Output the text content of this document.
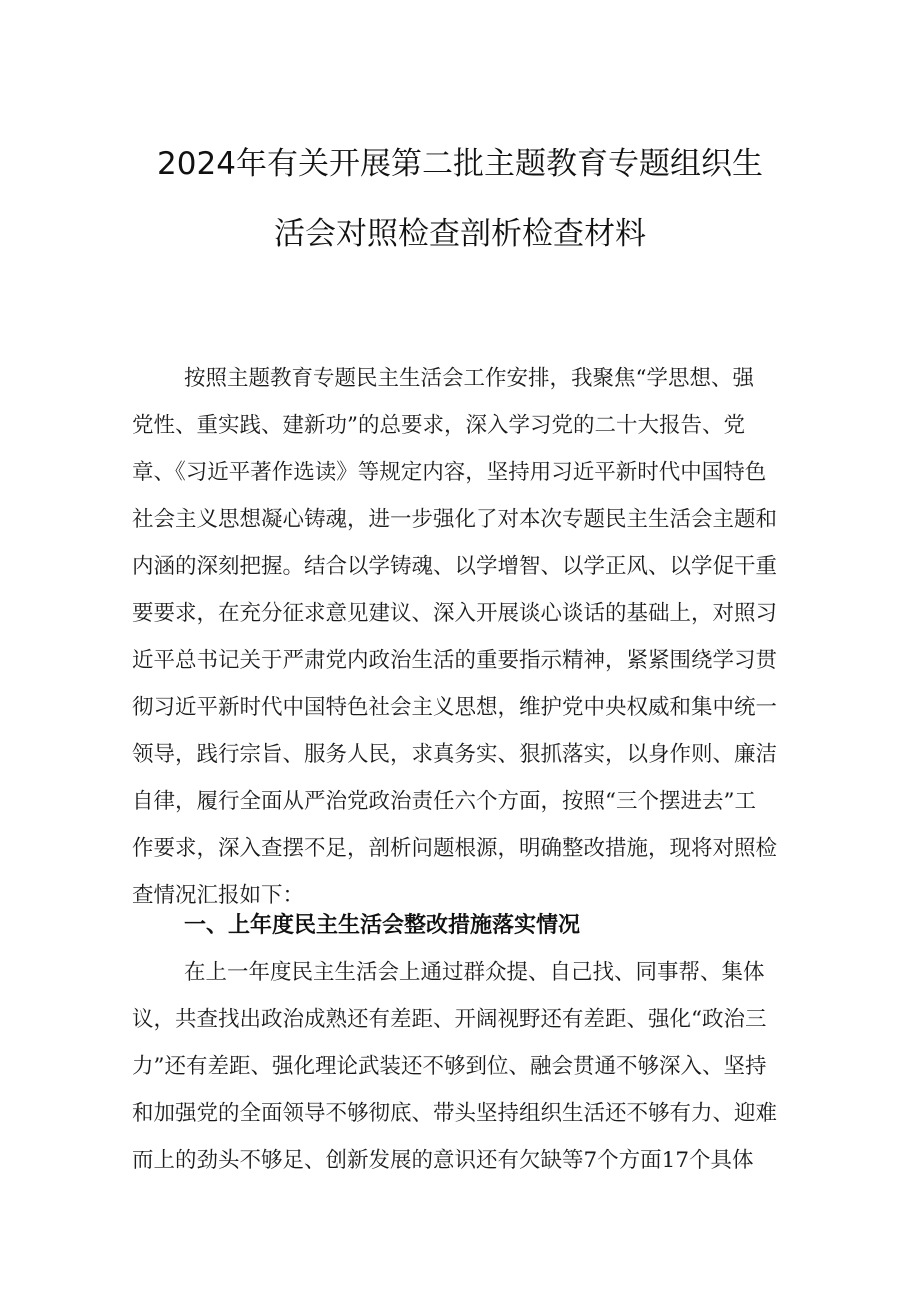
2024年有关开展第二批主题教育专题组织生
活会对照检查剖析检查材料

按照主题教育专题民主生活会工作安排，我聚焦“学思想、强

党性、重实践、建新功”的总要求，深入学习党的二十大报告、党

章、《习近平著作选读》等规定内容，坚持用习近平新时代中国特色

社会主义思想凝心铸魂，进一步强化了对本次专题民主生活会主题和

内涵的深刻把握。结合以学铸魂、以学增智、以学正风、以学促干重

要要求，在充分征求意见建议、深入开展谈心谈话的基础上，对照习

近平总书记关于严肃党内政治生活的重要指示精神，紧紧围绕学习贯

彻习近平新时代中国特色社会主义思想，维护党中央权威和集中统一

领导，践行宗旨、服务人民，求真务实、狠抓落实，以身作则、廉洁

自律，履行全面从严治党政治责任六个方面，按照“三个摆进去”工

作要求，深入查摆不足，剖析问题根源，明确整改措施，现将对照检

查情况汇报如下：

一、上年度民主生活会整改措施落实情况

在上一年度民主生活会上通过群众提、自己找、同事帮、集体

议，共查找出政治成熟还有差距、开阔视野还有差距、强化“政治三

力”还有差距、强化理论武装还不够到位、融会贯通不够深入、坚持

和加强党的全面领导不够彻底、带头坚持组织生活还不够有力、迎难

而上的劲头不够足、创新发展的意识还有欠缺等7个方面17个具体
